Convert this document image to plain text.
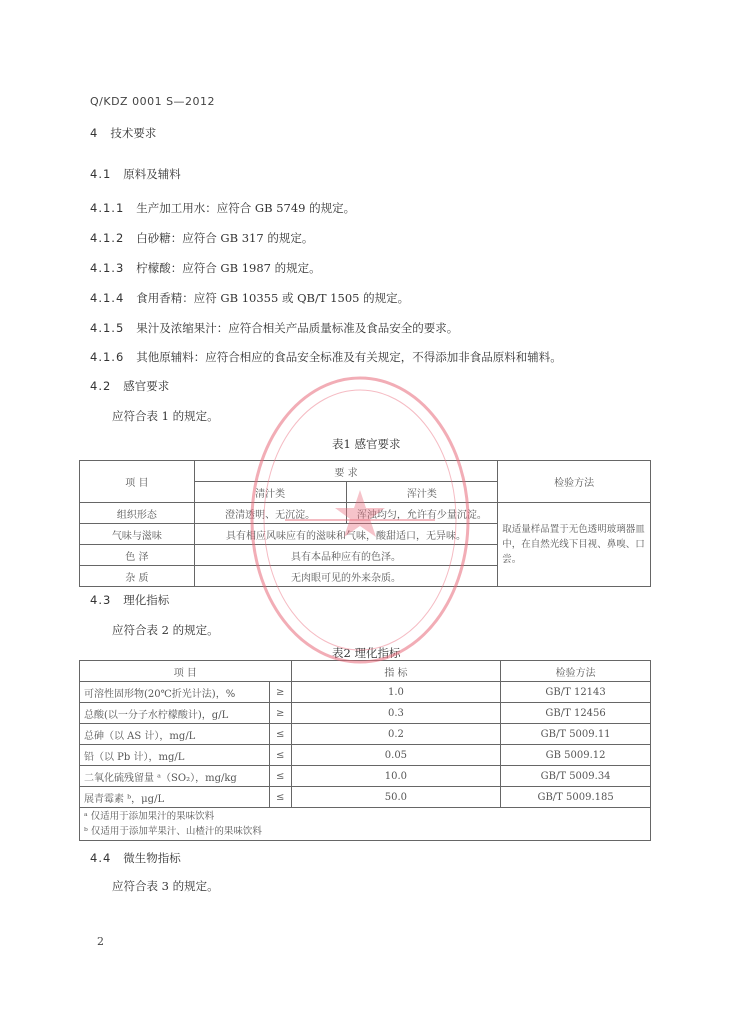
Q/KDZ 0001 S—2012
4 技术要求
4.1 原料及辅料
4.1.1 生产加工用水：应符合 GB 5749 的规定。
4.1.2 白砂糖：应符合 GB 317 的规定。
4.1.3 柠檬酸：应符合 GB 1987 的规定。
4.1.4 食用香精：应符 GB 10355 或 QB/T 1505 的规定。
4.1.5 果汁及浓缩果汁：应符合相关产品质量标准及食品安全的要求。
4.1.6 其他原辅料：应符合相应的食品安全标准及有关规定，不得添加非食品原料和辅料。
4.2 感官要求
应符合表 1 的规定。
表1 感官要求
项 目	要 求		检验方法
	清汁类	浑汁类	
组织形态	澄清透明、无沉淀。	浑浊均匀，允许有少量沉淀。	取适量样品置于无色透明玻璃器皿中，在自然光线下目视、鼻嗅、口尝。
气味与滋味	具有相应风味应有的滋味和气味，酸甜适口，无异味。		
色 泽	具有本品种应有的色泽。		
杂 质	无肉眼可见的外来杂质。		
4.3 理化指标
应符合表 2 的规定。
表2 理化指标
项 目		指 标	检验方法
可溶性固形物(20℃折光计法)，%	≥	1.0	GB/T 12143
总酸(以一分子水柠檬酸计)，g/L	≥	0.3	GB/T 12456
总砷（以 AS 计），mg/L	≤	0.2	GB/T 5009.11
铅（以 Pb 计），mg/L	≤	0.05	GB 5009.12
二氧化硫残留量 ᵃ（SO₂），mg/kg	≤	10.0	GB/T 5009.34
展青霉素 ᵇ，μg/L	≤	50.0	GB/T 5009.185

ᵃ 仅适用于添加果汁的果味饮料
ᵇ 仅适用于添加苹果汁、山楂汁的果味饮料			
4.4 微生物指标
应符合表 3 的规定。
2
